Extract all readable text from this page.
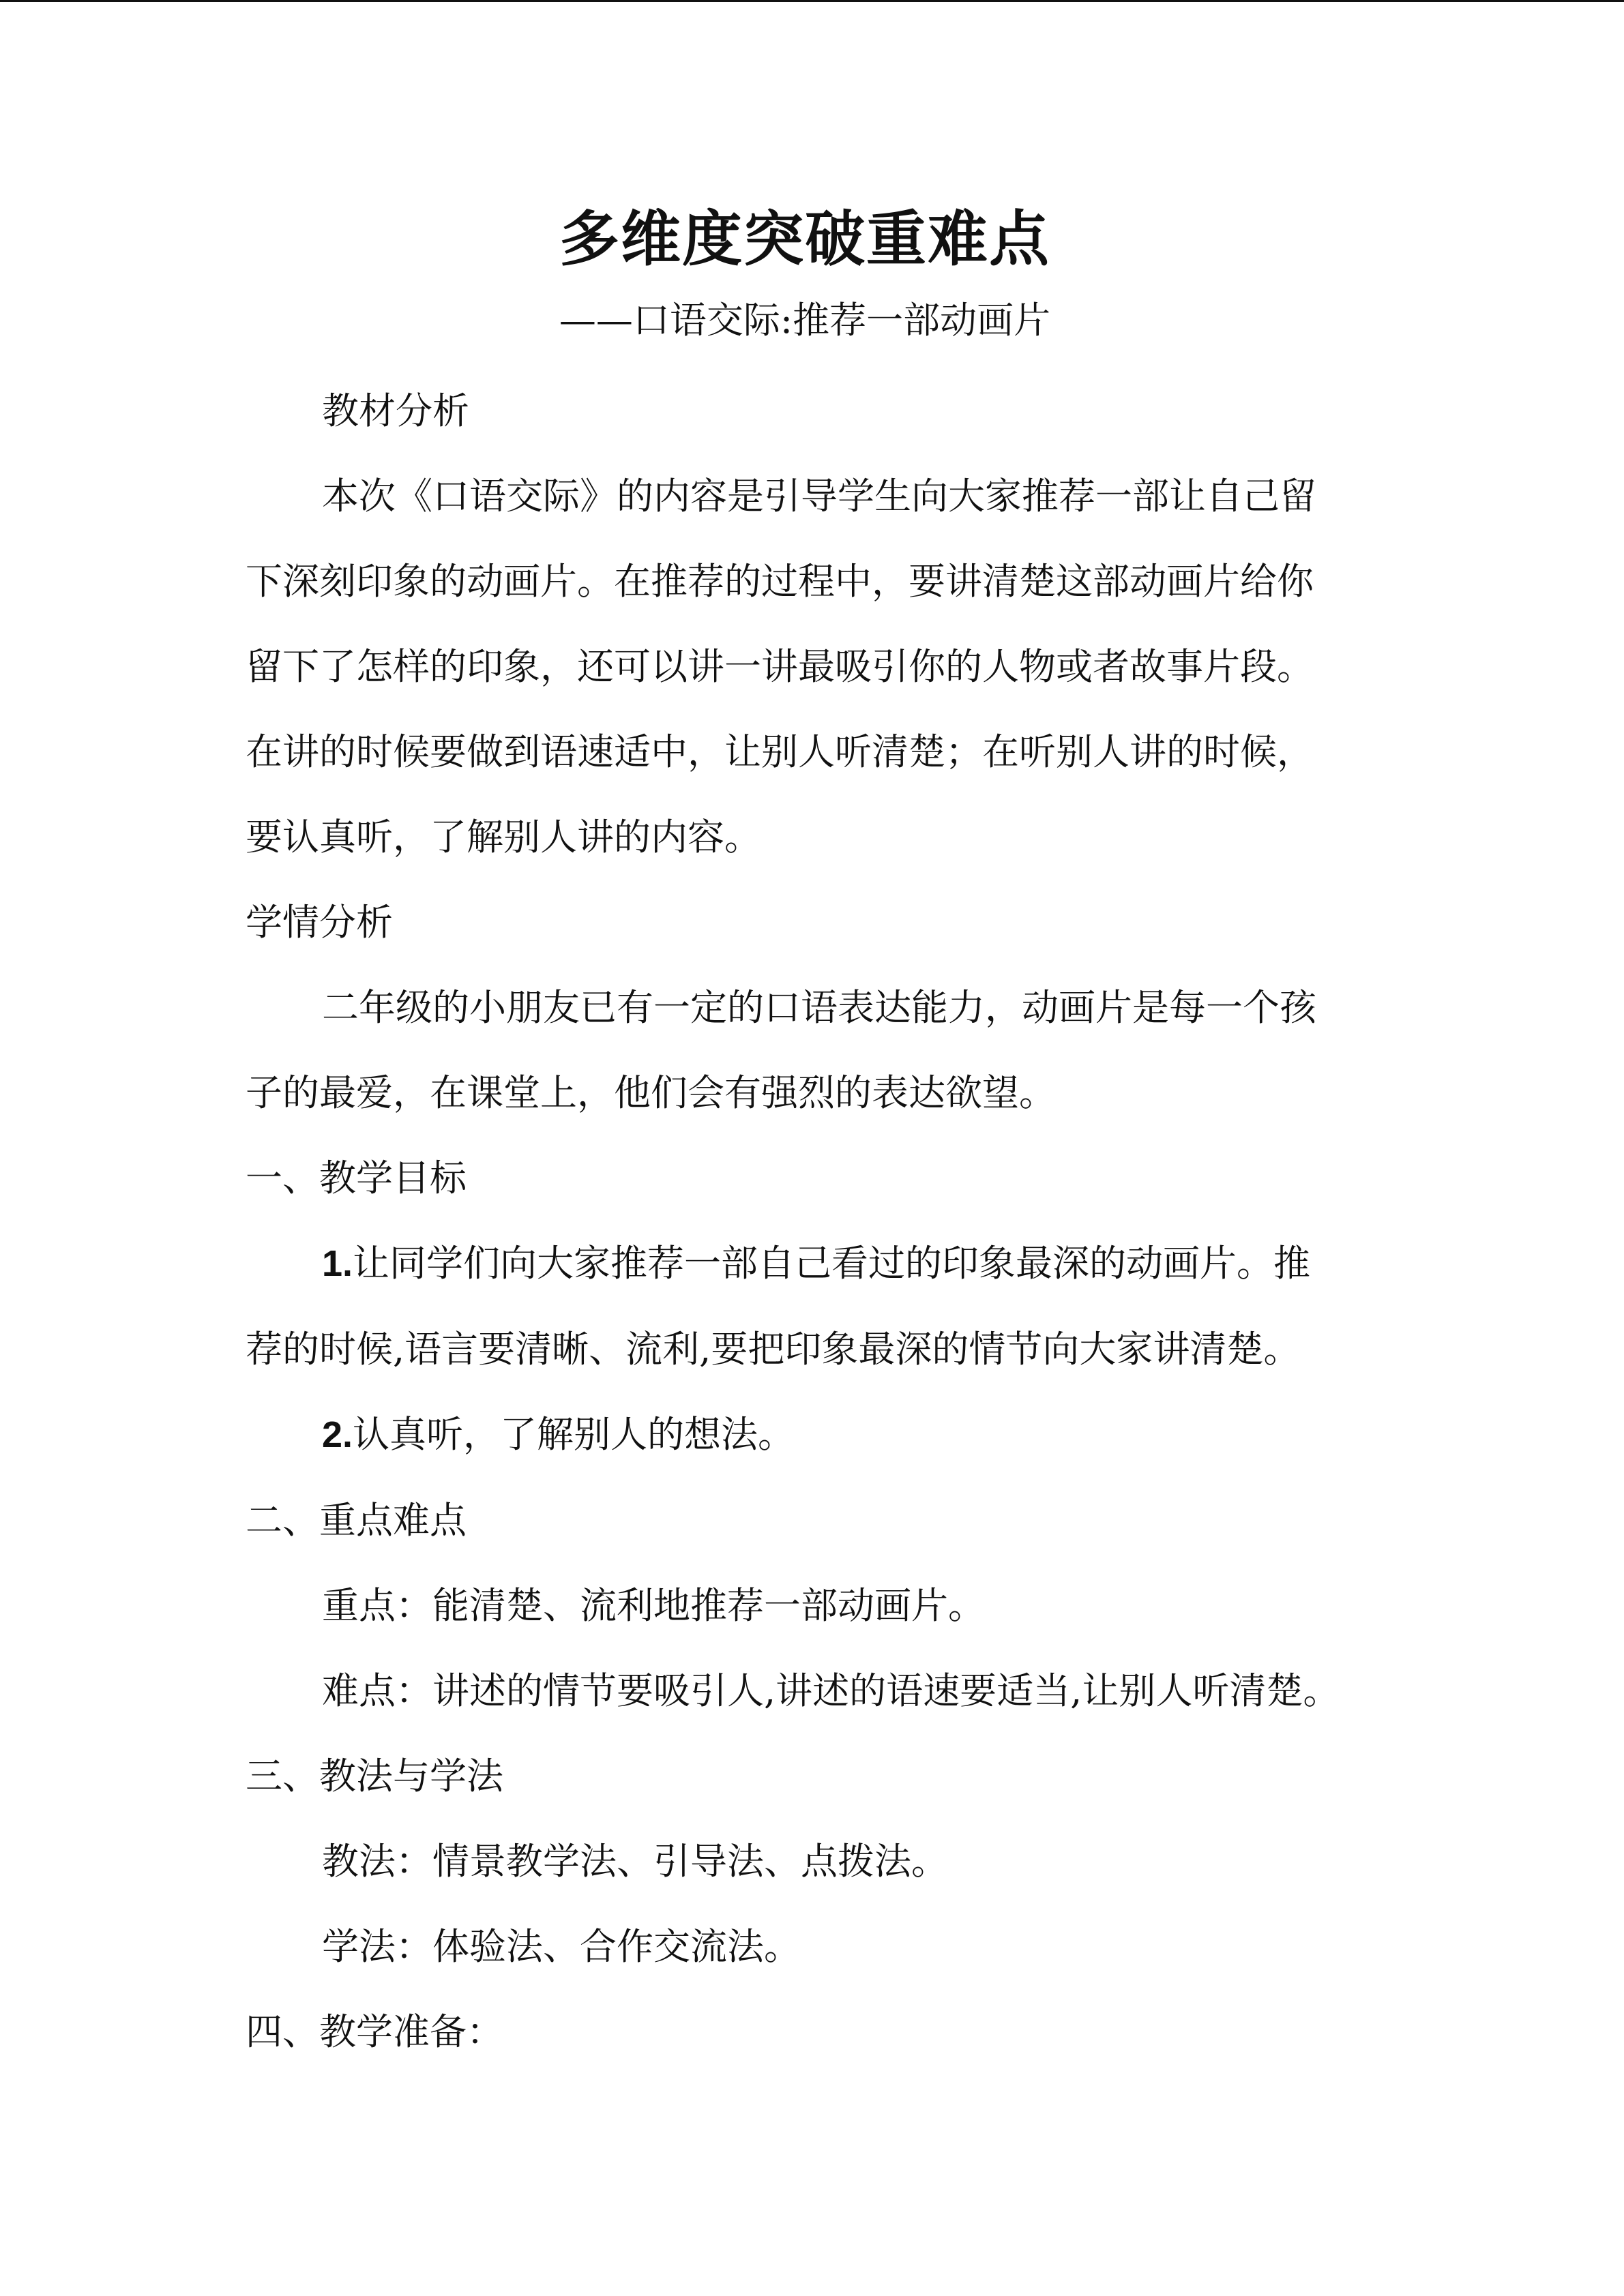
多维度突破重难点

——口语交际:推荐一部动画片

教材分析

本次《口语交际》的内容是引导学生向大家推荐一部让自己留
下深刻印象的动画片。在推荐的过程中，要讲清楚这部动画片给你
留下了怎样的印象，还可以讲一讲最吸引你的人物或者故事片段。
在讲的时候要做到语速适中，让别人听清楚；在听别人讲的时候，
要认真听，了解别人讲的内容。

学情分析

二年级的小朋友已有一定的口语表达能力，动画片是每一个孩
子的最爱，在课堂上，他们会有强烈的表达欲望。

一、教学目标

1.让同学们向大家推荐一部自己看过的印象最深的动画片。推
荐的时候,语言要清晰、流利,要把印象最深的情节向大家讲清楚。

2.认真听，了解别人的想法。

二、重点难点

重点：能清楚、流利地推荐一部动画片。

难点：讲述的情节要吸引人,讲述的语速要适当,让别人听清楚。

三、教法与学法

教法：情景教学法、引导法、点拨法。

学法：体验法、合作交流法。

四、教学准备：
